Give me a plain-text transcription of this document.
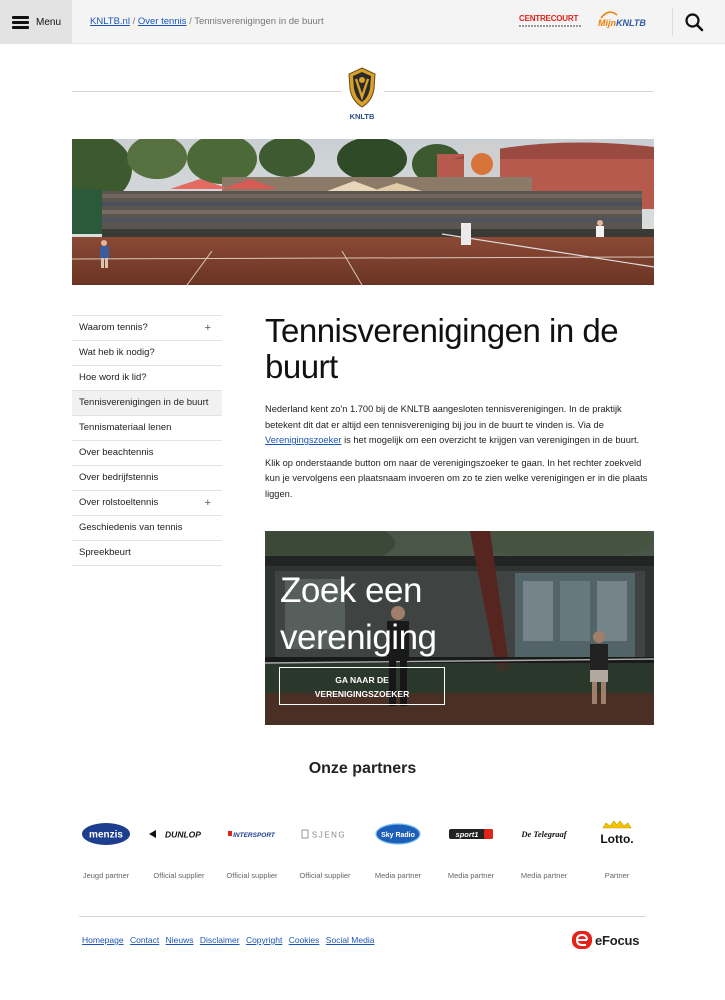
Menu	KNLTB.nl / Over tennis / Tennisverenigingen in de buurt	CENTRECOURT	MijnKNLTB
KNLTB
Waarom tennis?	+
Wat heb ik nodig?
Hoe word ik lid?
Tennisverenigingen in de buurt
Tennismateriaal lenen
Over beachtennis
Over bedrijfstennis
Over rolstoeltennis	+
Geschiedenis van tennis
Spreekbeurt
Tennisverenigingen in de buurt

Nederland kent zo'n 1.700 bij de KNLTB aangesloten tennisverenigingen. In de praktijk betekent dit dat er altijd een tennisvereniging bij jou in de buurt te vinden is. Via de Verenigingszoeker is het mogelijk om een overzicht te krijgen van verenigingen in de buurt.

Klik op onderstaande button om naar de verenigingszoeker te gaan. In het rechter zoekveld kun je vervolgens een plaatsnaam invoeren om zo te zien welke verenigingen er in die plaats liggen.

Zoek een
vereniging
GA NAAR DE
VERENIGINGSZOEKER
Onze partners
menzis
Jeugd partner
DUNLOP
Official supplier
INTERSPORT
Official supplier
SJENG
Official supplier
Sky Radio
Media partner
sport1
Media partner
De Telegraaf
Media partner
Lotto.
Partner
Homepage Contact Nieuws Disclaimer Copyright Cookies Social Media	eFocus
